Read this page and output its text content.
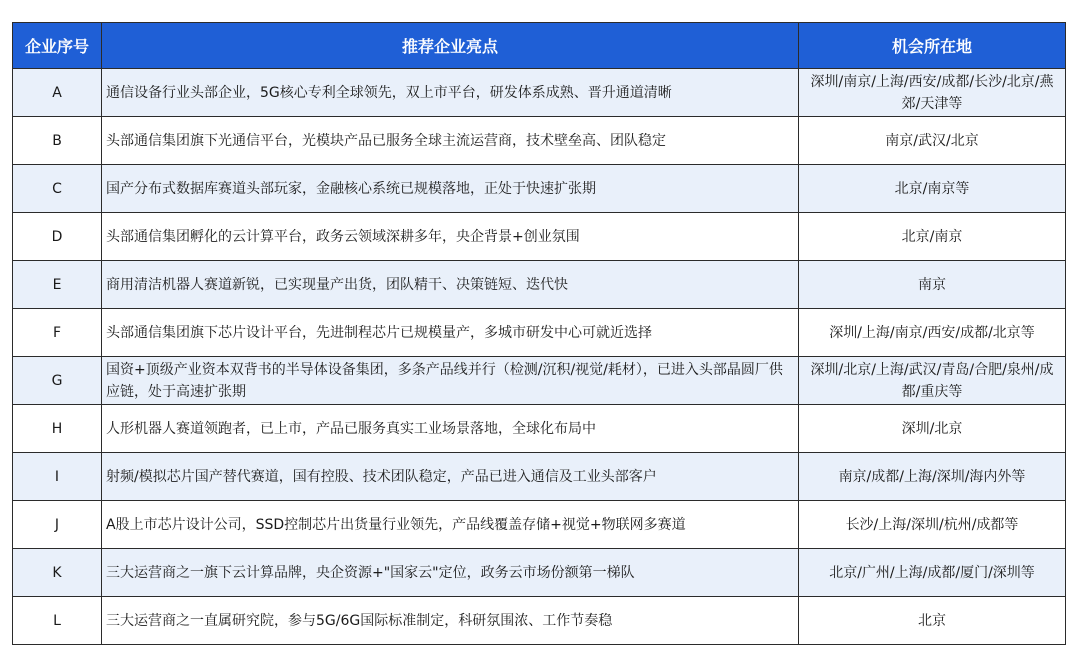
企业序号	推荐企业亮点	机会所在地
A	通信设备行业头部企业，5G核心专利全球领先，双上市平台，研发体系成熟、晋升通道清晰	深圳/南京/上海/西安/成都/长沙/北京/燕郊/天津等
B	头部通信集团旗下光通信平台，光模块产品已服务全球主流运营商，技术壁垒高、团队稳定	南京/武汉/北京
C	国产分布式数据库赛道头部玩家，金融核心系统已规模落地，正处于快速扩张期	北京/南京等
D	头部通信集团孵化的云计算平台，政务云领域深耕多年，央企背景+创业氛围	北京/南京
E	商用清洁机器人赛道新锐，已实现量产出货，团队精干、决策链短、迭代快	南京
F	头部通信集团旗下芯片设计平台，先进制程芯片已规模量产，多城市研发中心可就近选择	深圳/上海/南京/西安/成都/北京等
G	国资+顶级产业资本双背书的半导体设备集团，多条产品线并行（检测/沉积/视觉/耗材），已进入头部晶圆厂供应链，处于高速扩张期	深圳/北京/上海/武汉/青岛/合肥/泉州/成都/重庆等
H	人形机器人赛道领跑者，已上市，产品已服务真实工业场景落地，全球化布局中	深圳/北京
I	射频/模拟芯片国产替代赛道，国有控股、技术团队稳定，产品已进入通信及工业头部客户	南京/成都/上海/深圳/海内外等
J	A股上市芯片设计公司，SSD控制芯片出货量行业领先，产品线覆盖存储+视觉+物联网多赛道	长沙/上海/深圳/杭州/成都等
K	三大运营商之一旗下云计算品牌，央企资源+"国家云"定位，政务云市场份额第一梯队	北京/广州/上海/成都/厦门/深圳等
L	三大运营商之一直属研究院，参与5G/6G国际标准制定，科研氛围浓、工作节奏稳	北京
